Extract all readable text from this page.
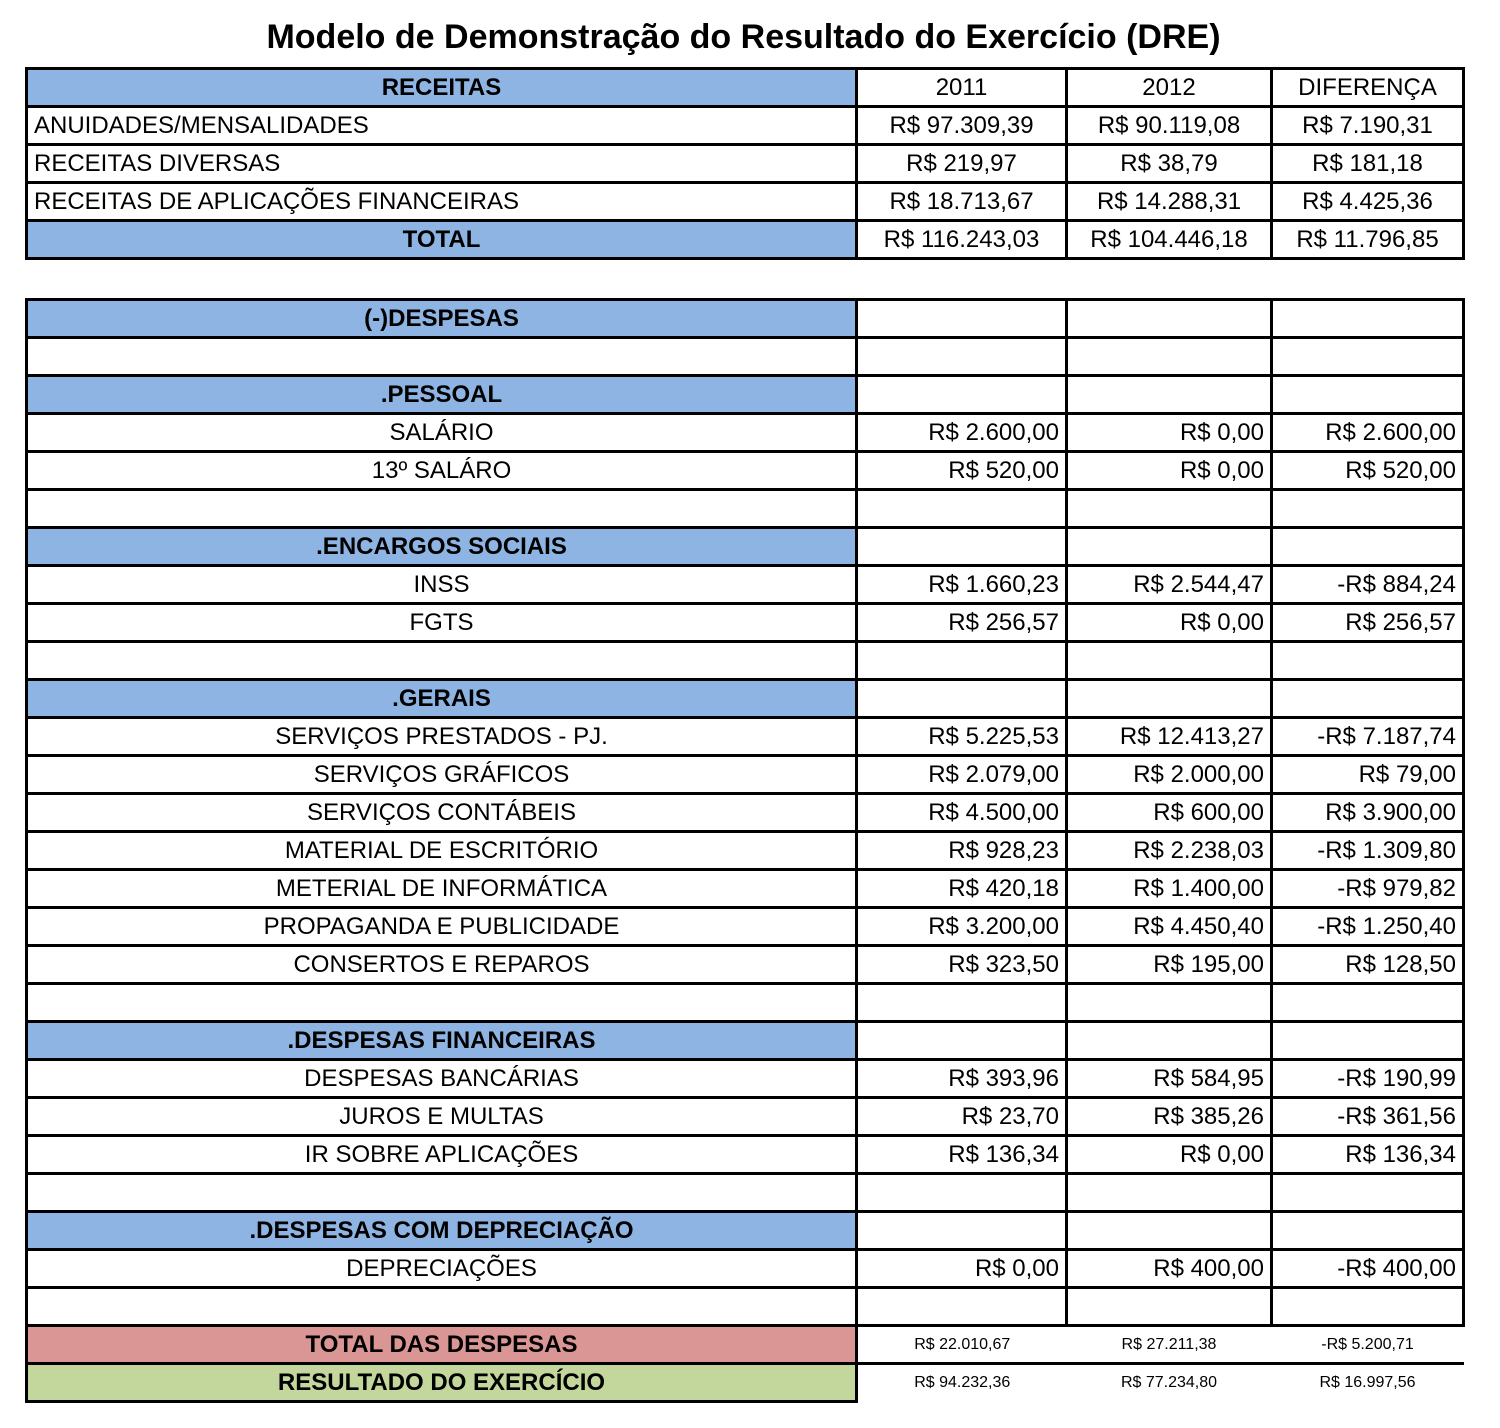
Modelo de Demonstração do Resultado do Exercício (DRE)
RECEITAS	2011	2012	DIFERENÇA
ANUIDADES/MENSALIDADES	R$ 97.309,39	R$ 90.119,08	R$ 7.190,31
RECEITAS DIVERSAS	R$ 219,97	R$ 38,79	R$ 181,18
RECEITAS DE APLICAÇÕES FINANCEIRAS	R$ 18.713,67	R$ 14.288,31	R$ 4.425,36
TOTAL	R$ 116.243,03	R$ 104.446,18	R$ 11.796,85
(-)DESPESAS			

.PESSOAL			
SALÁRIO	R$ 2.600,00	R$ 0,00	R$ 2.600,00
13º SALÁRO	R$ 520,00	R$ 0,00	R$ 520,00

.ENCARGOS SOCIAIS			
INSS	R$ 1.660,23	R$ 2.544,47	-R$ 884,24
FGTS	R$ 256,57	R$ 0,00	R$ 256,57

.GERAIS			
SERVIÇOS PRESTADOS - PJ.	R$ 5.225,53	R$ 12.413,27	-R$ 7.187,74
SERVIÇOS GRÁFICOS	R$ 2.079,00	R$ 2.000,00	R$ 79,00
SERVIÇOS CONTÁBEIS	R$ 4.500,00	R$ 600,00	R$ 3.900,00
MATERIAL DE ESCRITÓRIO	R$ 928,23	R$ 2.238,03	-R$ 1.309,80
METERIAL DE INFORMÁTICA	R$ 420,18	R$ 1.400,00	-R$ 979,82
PROPAGANDA E PUBLICIDADE	R$ 3.200,00	R$ 4.450,40	-R$ 1.250,40
CONSERTOS E REPAROS	R$ 323,50	R$ 195,00	R$ 128,50

.DESPESAS FINANCEIRAS			
DESPESAS BANCÁRIAS	R$ 393,96	R$ 584,95	-R$ 190,99
JUROS E MULTAS	R$ 23,70	R$ 385,26	-R$ 361,56
IR SOBRE APLICAÇÕES	R$ 136,34	R$ 0,00	R$ 136,34

.DESPESAS COM DEPRECIAÇÃO			
DEPRECIAÇÕES	R$ 0,00	R$ 400,00	-R$ 400,00

TOTAL DAS DESPESAS	R$ 22.010,67	R$ 27.211,38	-R$ 5.200,71
RESULTADO DO EXERCÍCIO	R$ 94.232,36	R$ 77.234,80	R$ 16.997,56
